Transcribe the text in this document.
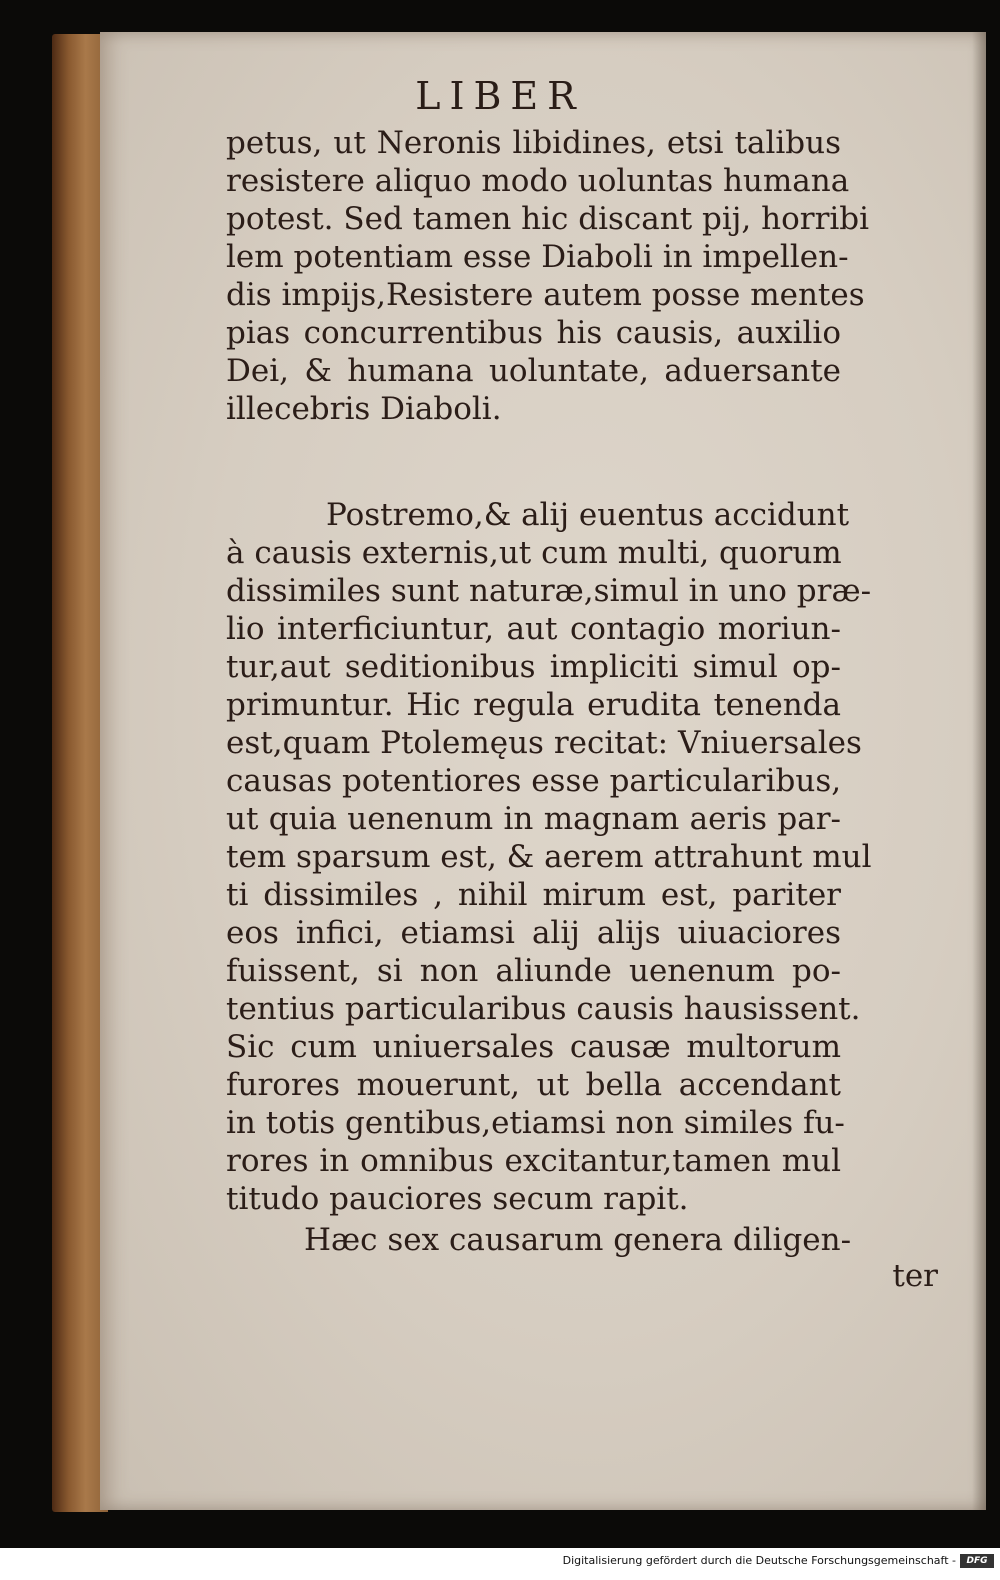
LIBER
petus, ut Neronis libidines, etsi talibus
resistere aliquo modo uoluntas humana
potest. Sed tamen hic discant pij, horribi
lem potentiam esse Diaboli in impellen-
dis impijs,Resistere autem posse mentes
pias concurrentibus his causis, auxilio
Dei, & humana uoluntate, aduersante
illecebris Diaboli.
Postremo,& alij euentus accidunt
à causis externis,ut cum multi, quorum
dissimiles sunt naturæ,simul in uno præ-
lio interficiuntur, aut contagio moriun-
tur,aut seditionibus impliciti simul op-
primuntur. Hic regula erudita tenenda
est,quam Ptolemęus recitat: Vniuersales
causas potentiores esse particularibus,
ut quia uenenum in magnam aeris par-
tem sparsum est, & aerem attrahunt mul
ti dissimiles , nihil mirum est, pariter
eos infici, etiamsi alij alijs uiuaciores
fuissent, si non aliunde uenenum po-
tentius particularibus causis hausissent.
Sic cum uniuersales causæ multorum
furores mouerunt, ut bella accendant
in totis gentibus,etiamsi non similes fu-
rores in omnibus excitantur,tamen mul
titudo pauciores secum rapit.
Hæc sex causarum genera diligen-
ter
Digitalisierung gefördert durch die Deutsche Forschungsgemeinschaft -	DFG
